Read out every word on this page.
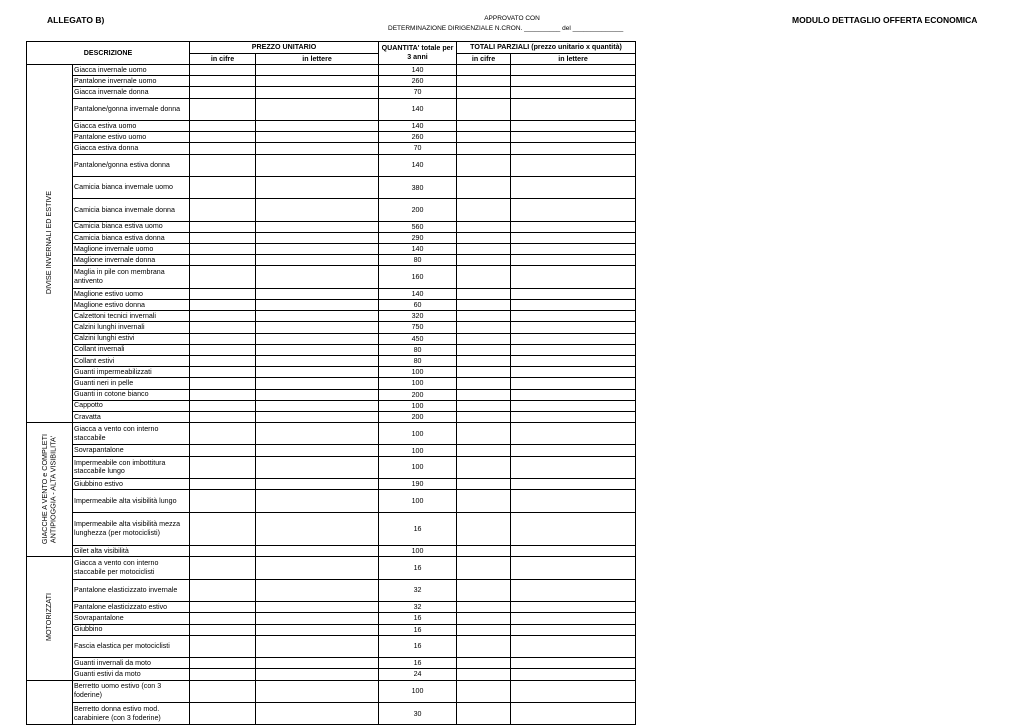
ALLEGATO B)	APPROVATO CON
DETERMINAZIONE DIRIGENZIALE N.CRON. __________ del ______________
MODULO DETTAGLIO OFFERTA ECONOMICA
DESCRIZIONE		PREZZO UNITARIO		QUANTITA' totale per 3 anni	TOTALI PARZIALI (prezzo unitario x quantità)	
		in cifre	in lettere		in cifre	in lettere
DIVISE INVERNALI ED ESTIVE	Giacca invernale uomo			140		
	Pantalone invernale uomo			260		
	Giacca invernale donna			70		
	Pantalone/gonna invernale donna			140		
	Giacca estiva uomo			140		
	Pantalone estivo uomo			260		
	Giacca estiva donna			70		
	Pantalone/gonna estiva donna			140		
	Camicia bianca invernale uomo			380		
	Camicia bianca invernale donna			200		
	Camicia bianca estiva uomo			560		
	Camicia bianca estiva donna			290		
	Maglione invernale uomo			140		
	Maglione invernale donna			80		
	Maglia in pile con membrana antivento			160		
	Maglione estivo uomo			140		
	Maglione estivo donna			60		
	Calzettoni tecnici invernali			320		
	Calzini lunghi invernali			750		
	Calzini lunghi estivi			450		
	Collant invernali			80		
	Collant estivi			80		
	Guanti impermeabilizzati			100		
	Guanti neri in pelle			100		
	Guanti in cotone bianco			200		
	Cappotto			100		
	Cravatta			200		
GIACCHE A VENTO e COMPLETI
ANTIPIOGGIA - ALTA VISIBILITA'	Giacca a vento con interno staccabile			100		
	Sovrapantalone			100		
	Impermeabile con imbottitura staccabile lungo			100		
	Giubbino estivo			190		
	Impermeabile alta visibilità lungo			100		
	Impermeabile alta visibilità mezza lunghezza (per motociclisti)			16		
	Gilet alta visibilità			100		
MOTORIZZATI	Giacca a vento con interno staccabile per motociclisti			16		
	Pantalone elasticizzato invernale			32		
	Pantalone elasticizzato estivo			32		
	Sovrapantalone			16		
	Giubbino			16		
	Fascia elastica per motociclisti			16		
	Guanti invernali da moto			16		
	Guanti estivi da moto			24		
	Berretto uomo estivo (con 3 foderine)			100		
	Berretto donna estivo mod. carabiniere (con 3 foderine)			30		
